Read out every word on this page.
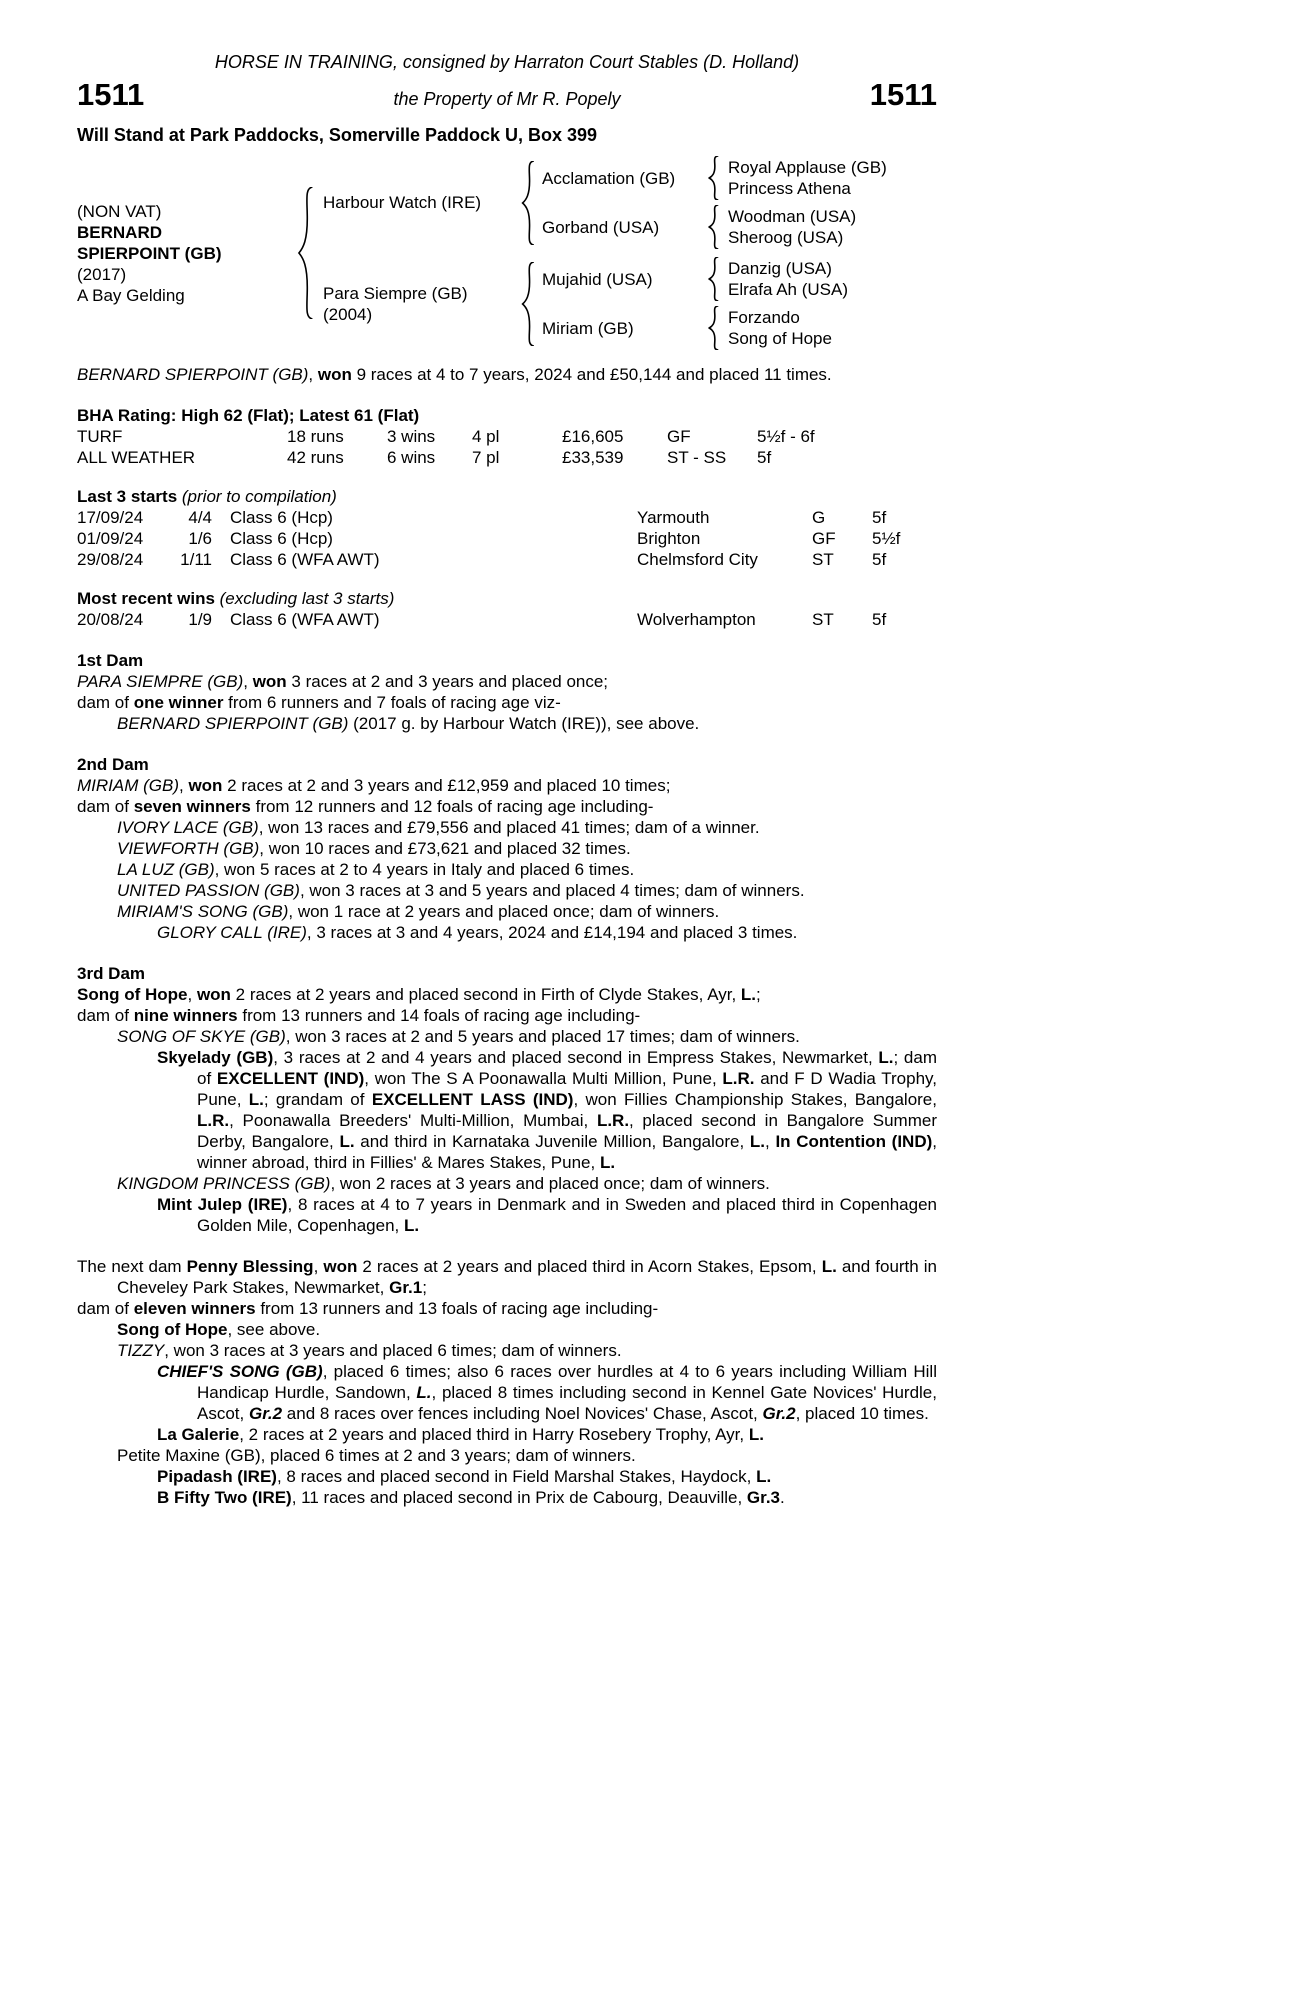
HORSE IN TRAINING, consigned by Harraton Court Stables (D. Holland)
1511	the Property of Mr R. Popely	1511
Will Stand at Park Paddocks, Somerville Paddock U, Box 399
(NON VAT)
BERNARD
SPIERPOINT (GB)
(2017)
A Bay Gelding
Harbour Watch (IRE)
Acclamation (GB)
Royal Applause (GB)
Princess Athena
Gorband (USA)
Woodman (USA)
Sheroog (USA)
Para Siempre (GB)
(2004)
Mujahid (USA)
Danzig (USA)
Elrafa Ah (USA)
Miriam (GB)
Forzando
Song of Hope

BERNARD SPIERPOINT (GB), won 9 races at 4 to 7 years, 2024 and £50,144 and placed 11 times.

BHA Rating: High 62 (Flat); Latest 61 (Flat)
TURF	18 runs	3 wins	4 pl	£16,605	GF	5½f - 6f
ALL WEATHER	42 runs	6 wins	7 pl	£33,539	ST - SS	5f
Last 3 starts (prior to compilation)
17/09/24	4/4	Class 6 (Hcp)	Yarmouth	G	5f
01/09/24	1/6	Class 6 (Hcp)	Brighton	GF	5½f
29/08/24	1/11	Class 6 (WFA AWT)	Chelmsford City	ST	5f
Most recent wins (excluding last 3 starts)
20/08/24	1/9	Class 6 (WFA AWT)	Wolverhampton	ST	5f
1st Dam

PARA SIEMPRE (GB), won 3 races at 2 and 3 years and placed once;

dam of one winner from 6 runners and 7 foals of racing age viz-

BERNARD SPIERPOINT (GB) (2017 g. by Harbour Watch (IRE)), see above.

2nd Dam

MIRIAM (GB), won 2 races at 2 and 3 years and £12,959 and placed 10 times;

dam of seven winners from 12 runners and 12 foals of racing age including-

IVORY LACE (GB), won 13 races and £79,556 and placed 41 times; dam of a winner.

VIEWFORTH (GB), won 10 races and £73,621 and placed 32 times.

LA LUZ (GB), won 5 races at 2 to 4 years in Italy and placed 6 times.

UNITED PASSION (GB), won 3 races at 3 and 5 years and placed 4 times; dam of winners.

MIRIAM'S SONG (GB), won 1 race at 2 years and placed once; dam of winners.

GLORY CALL (IRE), 3 races at 3 and 4 years, 2024 and £14,194 and placed 3 times.

3rd Dam

Song of Hope, won 2 races at 2 years and placed second in Firth of Clyde Stakes, Ayr, L.;

dam of nine winners from 13 runners and 14 foals of racing age including-

SONG OF SKYE (GB), won 3 races at 2 and 5 years and placed 17 times; dam of winners.

Skyelady (GB), 3 races at 2 and 4 years and placed second in Empress Stakes, Newmarket, L.; dam of EXCELLENT (IND), won The S A Poonawalla Multi Million, Pune, L.R. and F D Wadia Trophy, Pune, L.; grandam of EXCELLENT LASS (IND), won Fillies Championship Stakes, Bangalore, L.R., Poonawalla Breeders' Multi-Million, Mumbai, L.R., placed second in Bangalore Summer Derby, Bangalore, L. and third in Karnataka Juvenile Million, Bangalore, L., In Contention (IND), winner abroad, third in Fillies' & Mares Stakes, Pune, L.

KINGDOM PRINCESS (GB), won 2 races at 3 years and placed once; dam of winners.

Mint Julep (IRE), 8 races at 4 to 7 years in Denmark and in Sweden and placed third in Copenhagen Golden Mile, Copenhagen, L.

The next dam Penny Blessing, won 2 races at 2 years and placed third in Acorn Stakes, Epsom, L. and fourth in Cheveley Park Stakes, Newmarket, Gr.1;

dam of eleven winners from 13 runners and 13 foals of racing age including-

Song of Hope, see above.

TIZZY, won 3 races at 3 years and placed 6 times; dam of winners.

CHIEF'S SONG (GB), placed 6 times; also 6 races over hurdles at 4 to 6 years including William Hill Handicap Hurdle, Sandown, L., placed 8 times including second in Kennel Gate Novices' Hurdle, Ascot, Gr.2 and 8 races over fences including Noel Novices' Chase, Ascot, Gr.2, placed 10 times.

La Galerie, 2 races at 2 years and placed third in Harry Rosebery Trophy, Ayr, L.

Petite Maxine (GB), placed 6 times at 2 and 3 years; dam of winners.

Pipadash (IRE), 8 races and placed second in Field Marshal Stakes, Haydock, L.

B Fifty Two (IRE), 11 races and placed second in Prix de Cabourg, Deauville, Gr.3.
